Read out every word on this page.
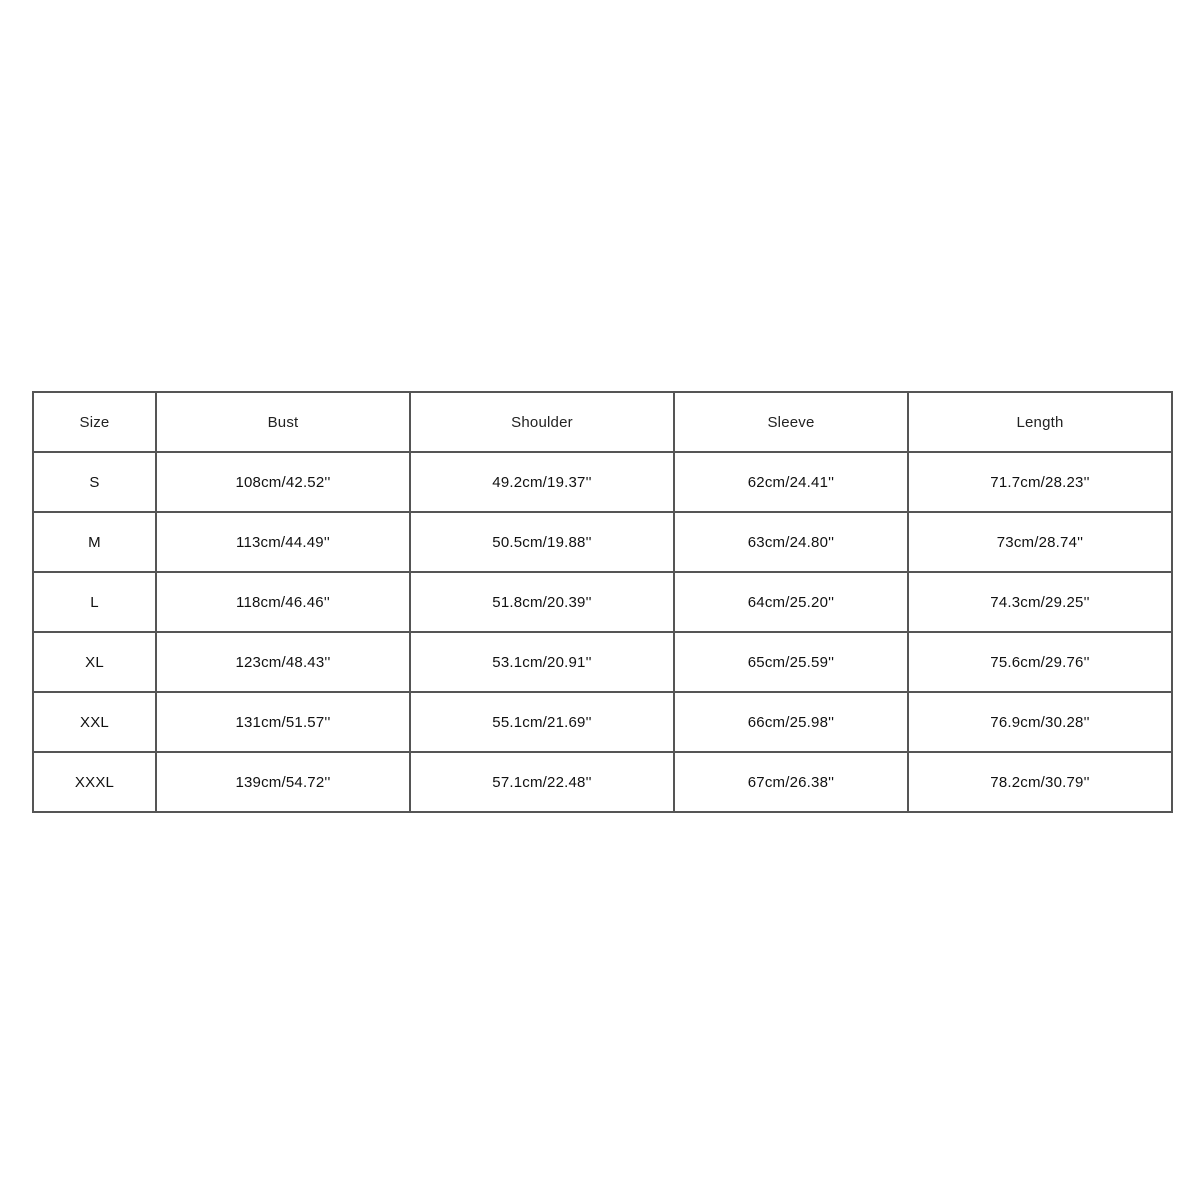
Size	Bust	Shoulder	Sleeve	Length
S	108cm/42.52''	49.2cm/19.37''	62cm/24.41''	71.7cm/28.23''
M	113cm/44.49''	50.5cm/19.88''	63cm/24.80''	73cm/28.74''
L	118cm/46.46''	51.8cm/20.39''	64cm/25.20''	74.3cm/29.25''
XL	123cm/48.43''	53.1cm/20.91''	65cm/25.59''	75.6cm/29.76''
XXL	131cm/51.57''	55.1cm/21.69''	66cm/25.98''	76.9cm/30.28''
XXXL	139cm/54.72''	57.1cm/22.48''	67cm/26.38''	78.2cm/30.79''
